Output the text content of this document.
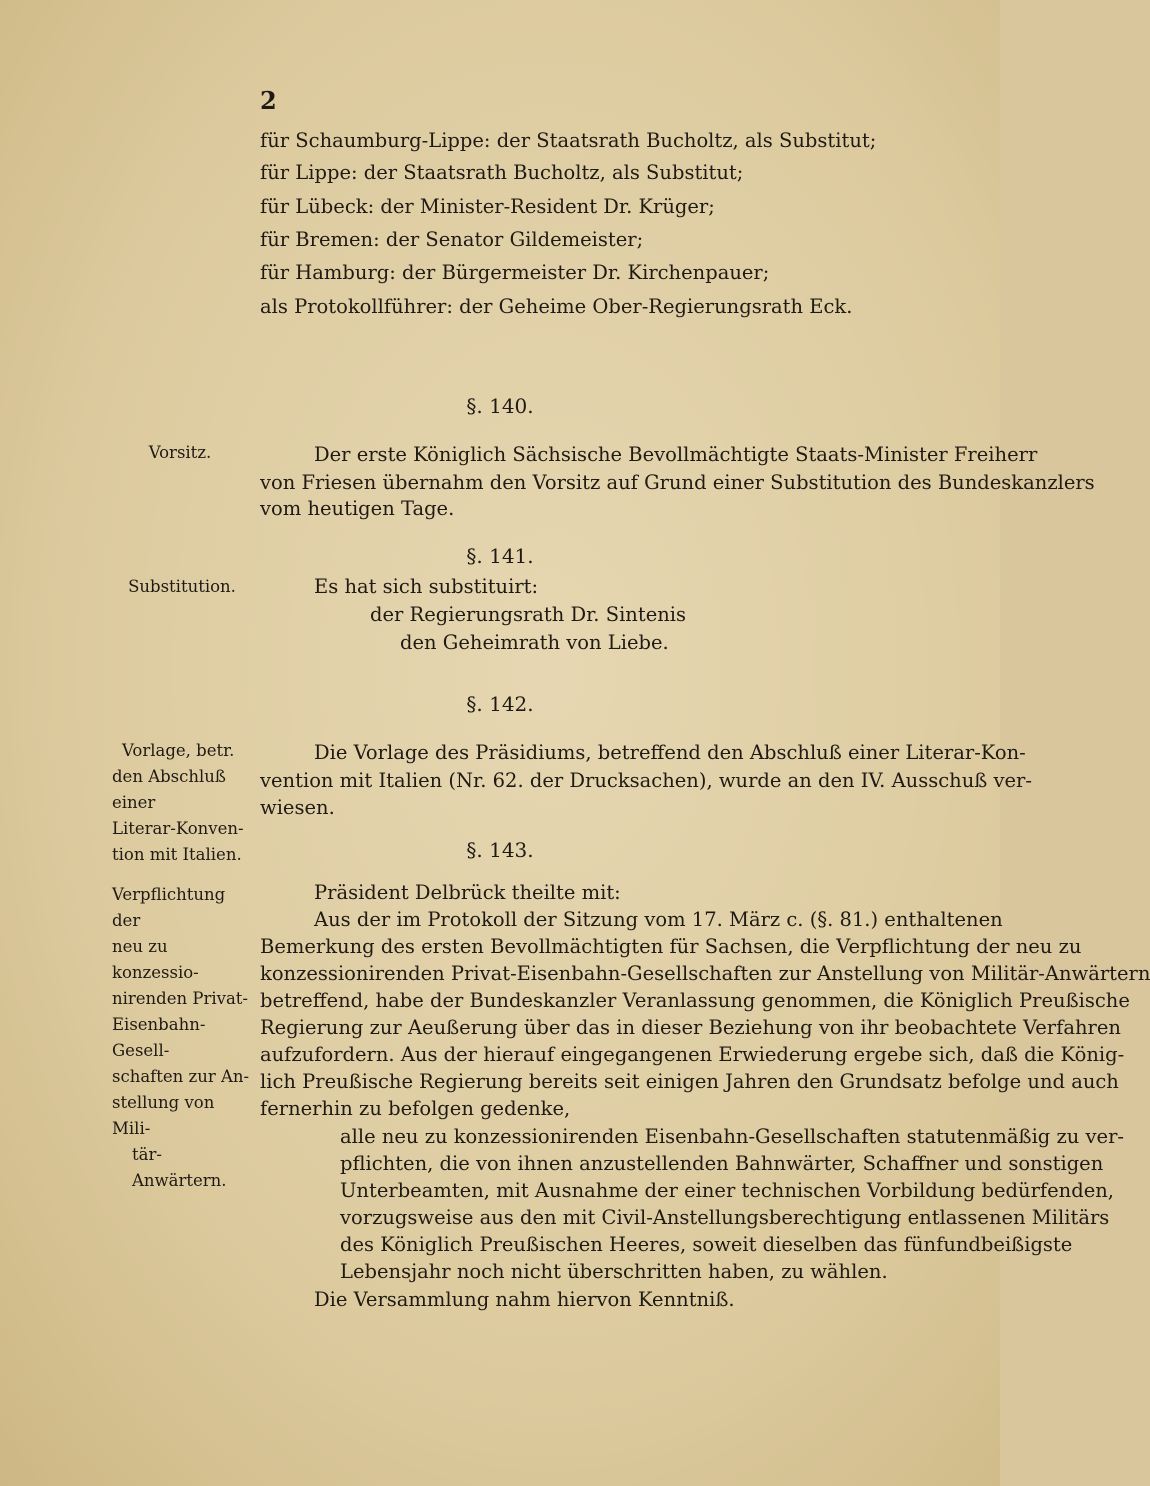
2
für Schaumburg-Lippe: der Staatsrath Bucholtz, als Substitut;
für Lippe: der Staatsrath Bucholtz, als Substitut;
für Lübeck: der Minister-Resident Dr. Krüger;
für Bremen: der Senator Gildemeister;
für Hamburg: der Bürgermeister Dr. Kirchenpauer;
als Protokollführer: der Geheime Ober-Regierungsrath Eck.
§. 140.
Vorsitz.	Der erste Königlich Sächsische Bevollmächtigte Staats-Minister Freiherr
von Friesen übernahm den Vorsitz auf Grund einer Substitution des Bundeskanzlers
vom heutigen Tage.
§. 141.
Substitution.	Es hat sich substituirt:
der Regierungsrath Dr. Sintenis
den Geheimrath von Liebe.
§. 142.
Vorlage, betr.
den Abschluß einer
Literar-Konven-
tion mit Italien.
Die Vorlage des Präsidiums, betreffend den Abschluß einer Literar-Kon-
vention mit Italien (Nr. 62. der Drucksachen), wurde an den IV. Ausschuß ver-
wiesen.
§. 143.
Verpflichtung der
neu zu konzessio-
nirenden Privat-
Eisenbahn-Gesell-
schaften zur An-
stellung von Mili-
tär-Anwärtern.
Präsident Delbrück theilte mit:
Aus der im Protokoll der Sitzung vom 17. März c. (§. 81.) enthaltenen
Bemerkung des ersten Bevollmächtigten für Sachsen, die Verpflichtung der neu zu
konzessionirenden Privat-Eisenbahn-Gesellschaften zur Anstellung von Militär-Anwärtern
betreffend, habe der Bundeskanzler Veranlassung genommen, die Königlich Preußische
Regierung zur Aeußerung über das in dieser Beziehung von ihr beobachtete Verfahren
aufzufordern. Aus der hierauf eingegangenen Erwiederung ergebe sich, daß die König-
lich Preußische Regierung bereits seit einigen Jahren den Grundsatz befolge und auch
fernerhin zu befolgen gedenke,
alle neu zu konzessionirenden Eisenbahn-Gesellschaften statutenmäßig zu ver-
pflichten, die von ihnen anzustellenden Bahnwärter, Schaffner und sonstigen
Unterbeamten, mit Ausnahme der einer technischen Vorbildung bedürfenden,
vorzugsweise aus den mit Civil-Anstellungsberechtigung entlassenen Militärs
des Königlich Preußischen Heeres, soweit dieselben das fünfundbeißigste
Lebensjahr noch nicht überschritten haben, zu wählen.
Die Versammlung nahm hiervon Kenntniß.
